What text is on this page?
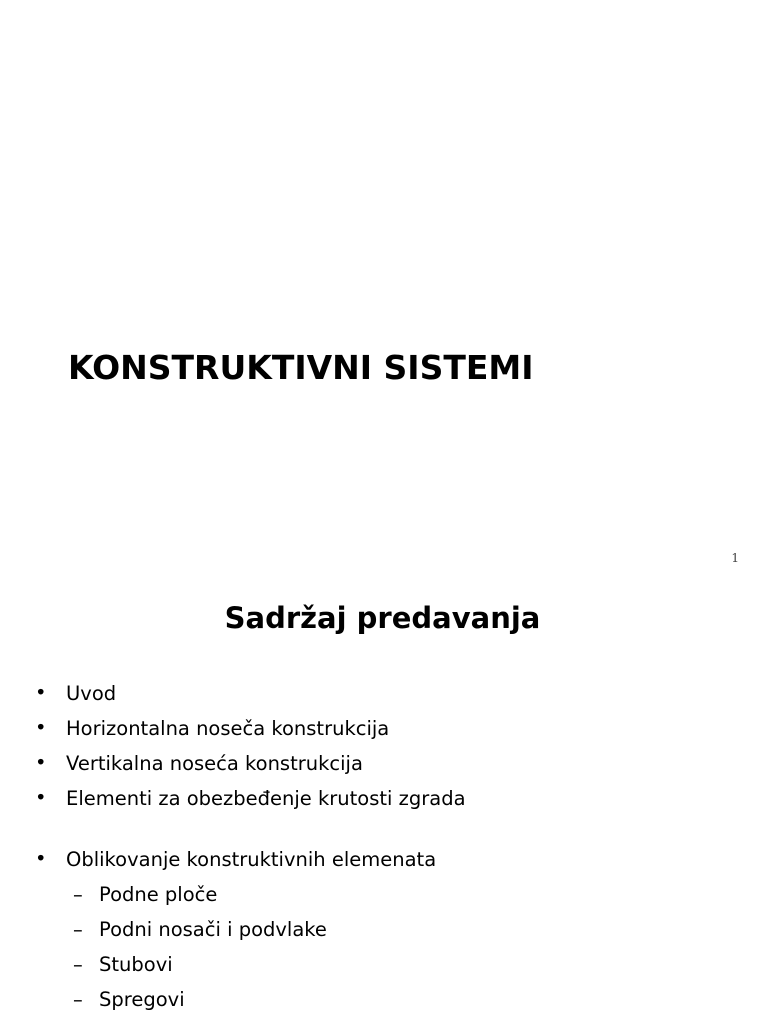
KONSTRUKTIVNI SISTEMI
1
Sadržaj predavanja
• Uvod
• Horizontalna noseča konstrukcija
• Vertikalna noseća konstrukcija
• Elementi za obezbeđenje krutosti zgrada
• Oblikovanje konstruktivnih elemenata
– Podne ploče
– Podni nosači i podvlake
– Stubovi
– Spregovi
